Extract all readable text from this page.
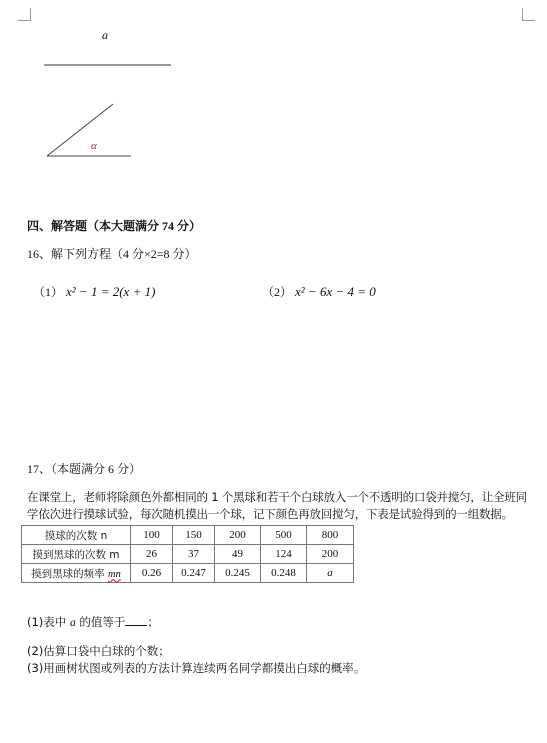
a
α
四、解答题（本大题满分 74 分）
16、解下列方程（4 分×2=8 分）
（1） x² − 1 = 2(x + 1)	（2） x² − 6x − 4 = 0
17、（本题满分 6 分）
在课堂上，老师将除颜色外都相同的 1 个黑球和若干个白球放入一个不透明的口袋并搅匀，让全班同学依次进行摸球试验，每次随机摸出一个球，记下颜色再放回搅匀，下表是试验得到的一组数据。
摸球的次数 n	100	150	200	500	800
摸到黑球的次数 m	26	37	49	124	200
摸到黑球的频率 mn	0.26	0.247	0.245	0.248	a
(1)表中 a 的值等于 ；
(2)估算口袋中白球的个数；
(3)用画树状图或列表的方法计算连续两名同学都摸出白球的概率。
